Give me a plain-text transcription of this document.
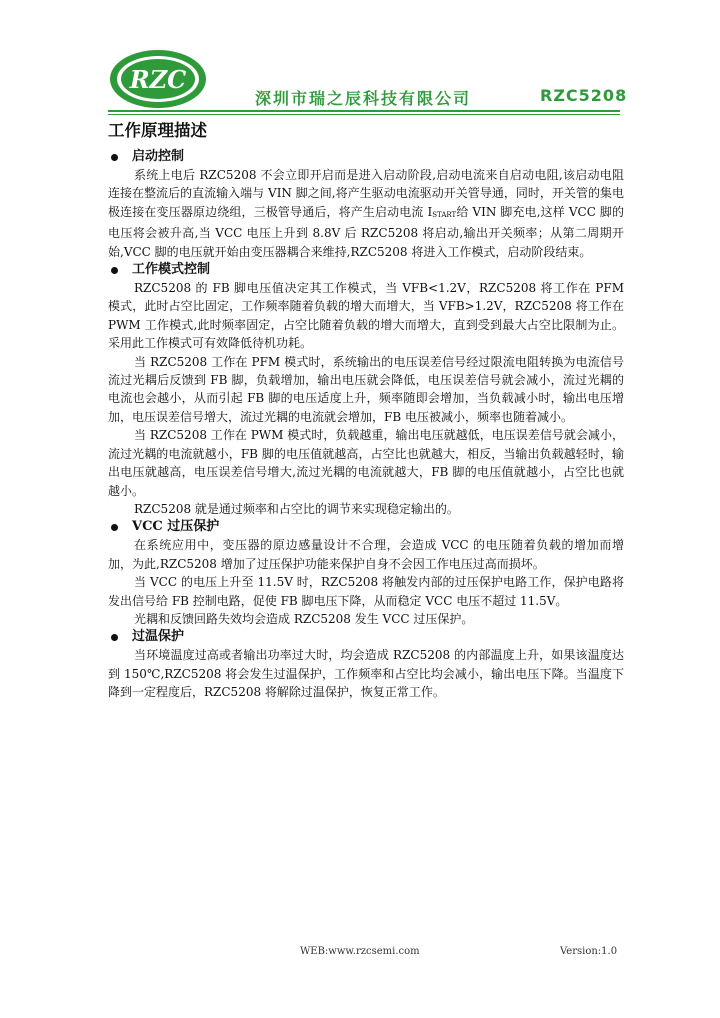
RZC
深圳市瑞之辰科技有限公司	RZC5208
工作原理描述
启动控制

系统上电后 RZC5208 不会立即开启而是进入启动阶段,启动电流来自启动电阻,该启动电阻连接在整流后的直流输入端与 VIN 脚之间,将产生驱动电流驱动开关管导通，同时，开关管的集电极连接在变压器原边绕组，三极管导通后，将产生启动电流 $I_{START}$给 VIN 脚充电,这样 VCC 脚的电压将会被升高,当 VCC 电压上升到 8.8V 后 RZC5208 将启动,输出开关频率；从第二周期开始,VCC 脚的电压就开始由变压器耦合来维持,RZC5208 将进入工作模式，启动阶段结束。

工作模式控制

RZC5208 的 FB 脚电压值决定其工作模式，当 VFB<1.2V，RZC5208 将工作在 PFM 模式，此时占空比固定，工作频率随着负载的增大而增大，当 VFB>1.2V，RZC5208 将工作在 PWM 工作模式,此时频率固定，占空比随着负载的增大而增大，直到受到最大占空比限制为止。采用此工作模式可有效降低待机功耗。

当 RZC5208 工作在 PFM 模式时，系统输出的电压误差信号经过限流电阻转换为电流信号流过光耦后反馈到 FB 脚，负载增加，输出电压就会降低，电压误差信号就会减小，流过光耦的电流也会越小，从而引起 FB 脚的电压适度上升，频率随即会增加，当负载减小时，输出电压增加，电压误差信号增大，流过光耦的电流就会增加，FB 电压被减小，频率也随着减小。

当 RZC5208 工作在 PWM 模式时，负载越重，输出电压就越低，电压误差信号就会减小，流过光耦的电流就越小，FB 脚的电压值就越高，占空比也就越大，相反，当输出负载越轻时，输出电压就越高，电压误差信号增大,流过光耦的电流就越大，FB 脚的电压值就越小，占空比也就越小。

RZC5208 就是通过频率和占空比的调节来实现稳定输出的。

VCC 过压保护

在系统应用中，变压器的原边感量设计不合理，会造成 VCC 的电压随着负载的增加而增加，为此,RZC5208 增加了过压保护功能来保护自身不会因工作电压过高而损坏。

当 VCC 的电压上升至 11.5V 时，RZC5208 将触发内部的过压保护电路工作，保护电路将发出信号给 FB 控制电路，促使 FB 脚电压下降，从而稳定 VCC 电压不超过 11.5V。

光耦和反馈回路失效均会造成 RZC5208 发生 VCC 过压保护。

过温保护

当环境温度过高或者输出功率过大时，均会造成 RZC5208 的内部温度上升，如果该温度达到 150℃,RZC5208 将会发生过温保护，工作频率和占空比均会减小，输出电压下降。当温度下降到一定程度后，RZC5208 将解除过温保护，恢复正常工作。

WEB:www.rzcsemi.com	Version:1.0
